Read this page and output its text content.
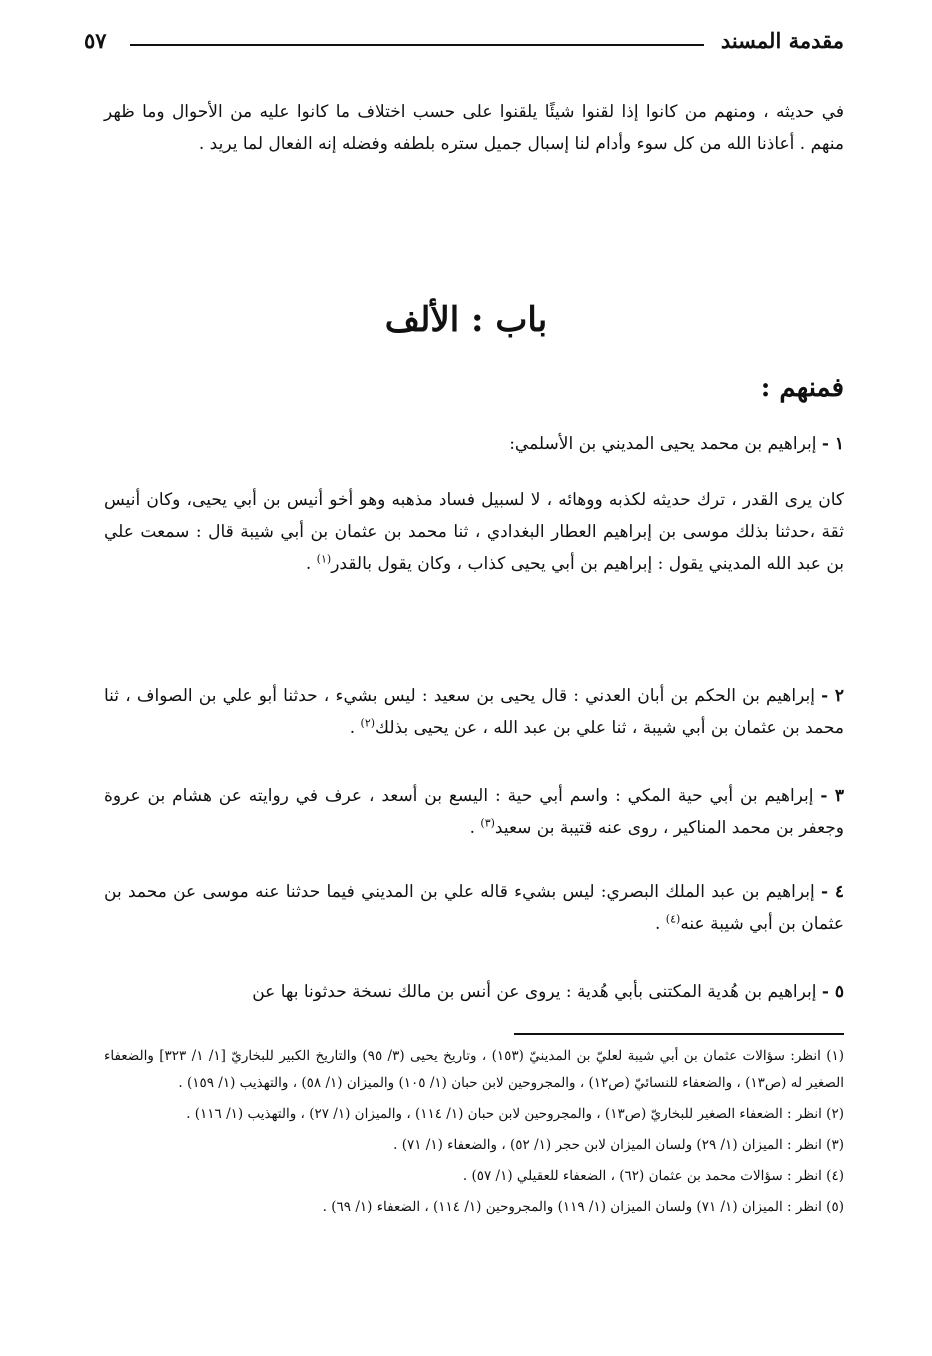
مقدمة المسند
٥٧

في حديثه ، ومنهم من كانوا إذا لقنوا شيئًا يلقنوا على حسب اختلاف ما كانوا عليه من الأحوال وما ظهر منهم . أعاذنا الله من كل سوء وأدام لنا إسبال جميل ستره بلطفه وفضله إنه الفعال لما يريد .

باب : الألف
فمنهم :

١ - إبراهيم بن محمد يحيى المديني بن الأسلمي:

كان يرى القدر ، ترك حديثه لكذبه ووهائه ، لا لسبيل فساد مذهبه وهو أخو أنيس بن أبي يحيى، وكان أنيس ثقة ،حدثنا بذلك موسى بن إبراهيم العطار البغدادي ، ثنا محمد بن عثمان بن أبي شيبة قال : سمعت علي بن عبد الله المديني يقول : إبراهيم بن أبي يحيى كذاب ، وكان يقول بالقدر$^{(١)}$ .

٢ - إبراهيم بن الحكم بن أبان العدني : قال يحيى بن سعيد : ليس بشيء ، حدثنا أبو علي بن الصواف ، ثنا محمد بن عثمان بن أبي شيبة ، ثنا علي بن عبد الله ، عن يحيى بذلك$^{(٢)}$ .

٣ - إبراهيم بن أبي حية المكي : واسم أبي حية : اليسع بن أسعد ، عرف في روايته عن هشام بن عروة وجعفر بن محمد المناكير ، روى عنه قتيبة بن سعيد$^{(٣)}$ .

٤ - إبراهيم بن عبد الملك البصري: ليس بشيء قاله علي بن المديني فيما حدثنا عنه موسى عن محمد بن عثمان بن أبي شيبة عنه$^{(٤)}$ .

٥ - إبراهيم بن هُدية المكتنى بأبي هُدية : يروى عن أنس بن مالك نسخة حدثونا بها عن

(١) انظر: سؤالات عثمان بن أبي شيبة لعليّ بن المدينيّ (١٥٣) ، وتاريخ يحيى (٣/ ٩٥) والتاريخ الكبير للبخاريّ [١/ ١/ ٣٢٣] والضعفاء الصغير له (ص١٣) ، والضعفاء للنسائيّ (ص١٢) ، والمجروحين لابن حبان (١/ ١٠٥) والميزان (١/ ٥٨) ، والتهذيب (١/ ١٥٩) .

(٢) انظر : الضعفاء الصغير للبخاريّ (ص١٣) ، والمجروحين لابن حبان (١/ ١١٤) ، والميزان (١/ ٢٧) ، والتهذيب (١/ ١١٦) .

(٣) انظر : الميزان (١/ ٢٩) ولسان الميزان لابن حجر (١/ ٥٢) ، والضعفاء (١/ ٧١) .

(٤) انظر : سؤالات محمد بن عثمان (٦٢) ، الضعفاء للعقيلي (١/ ٥٧) .

(٥) انظر : الميزان (١/ ٧١) ولسان الميزان (١/ ١١٩) والمجروحين (١/ ١١٤) ، الضعفاء (١/ ٦٩) .
